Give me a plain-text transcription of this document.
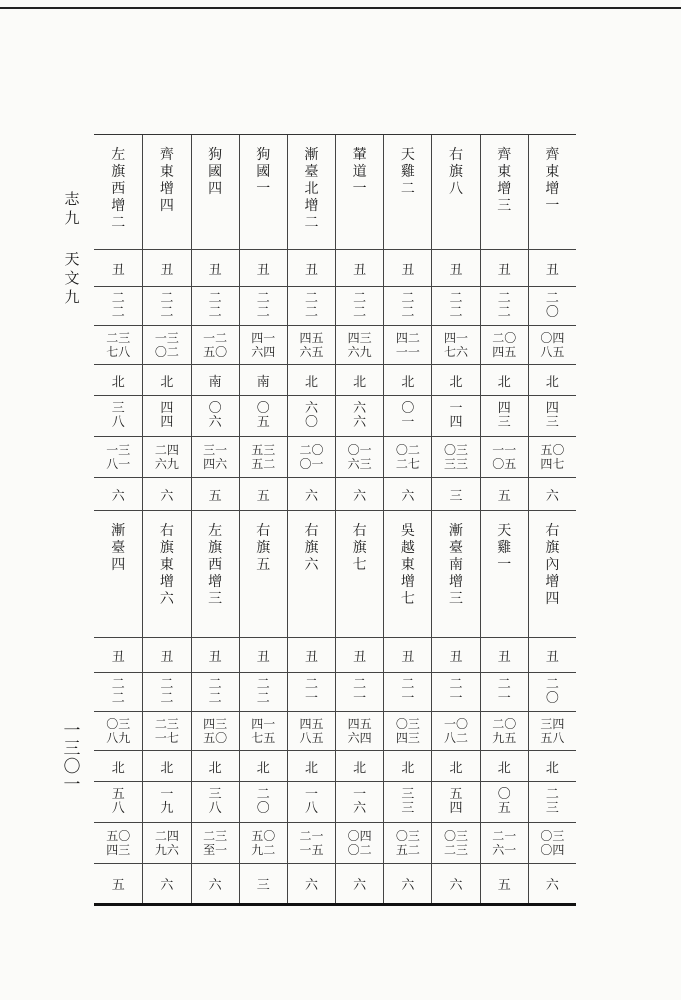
志九
天文九
一三〇一
齊東增一
丑
二〇
〇四八五
北
四三
五〇四七
六
右旗內增四
丑
二〇
三四五八
北
二三
〇三〇四
六
齊東增三
丑
二二
二〇四五
北
四三
一一〇五
五
天雞一
丑
二一
二〇九五
北
〇五
二一六一
五
右旗八
丑
二二
四一七六
北
一四
〇三三三
三
漸臺南增三
丑
二一
一〇八二
北
五四
〇三二三
六
天雞二
丑
二二
四二一一
北
〇一
〇二二七
六
吳越東增七
丑
二一
〇三四三
北
三三
〇三五二
六
輦道一
丑
二二
四三六九
北
六六
〇一六三
六
右旗七
丑
二一
四五六四
北
一六
〇四〇二
六
漸臺北增二
丑
二二
四五六五
北
六〇
二〇〇一
六
右旗六
丑
二一
四五八五
北
一八
二一一五
六
狗國一
丑
二二
四一六四
南
〇五
五三五二
五
右旗五
丑
二二
四一七五
北
二〇
五〇九二
三
狗國四
丑
二二
一二五〇
南
〇六
三一四六
五
左旗西增三
丑
二二
四三五〇
北
三八
二三至一
六
齊東增四
丑
二二
一三〇二
北
四四
二四六九
六
右旗東增六
丑
二二
二三一七
北
一九
二四九六
六
左旗西增二
丑
二二
二三七八
北
三八
一三八一
六
漸臺四
丑
二二
〇三八九
北
五八
五〇四三
五
